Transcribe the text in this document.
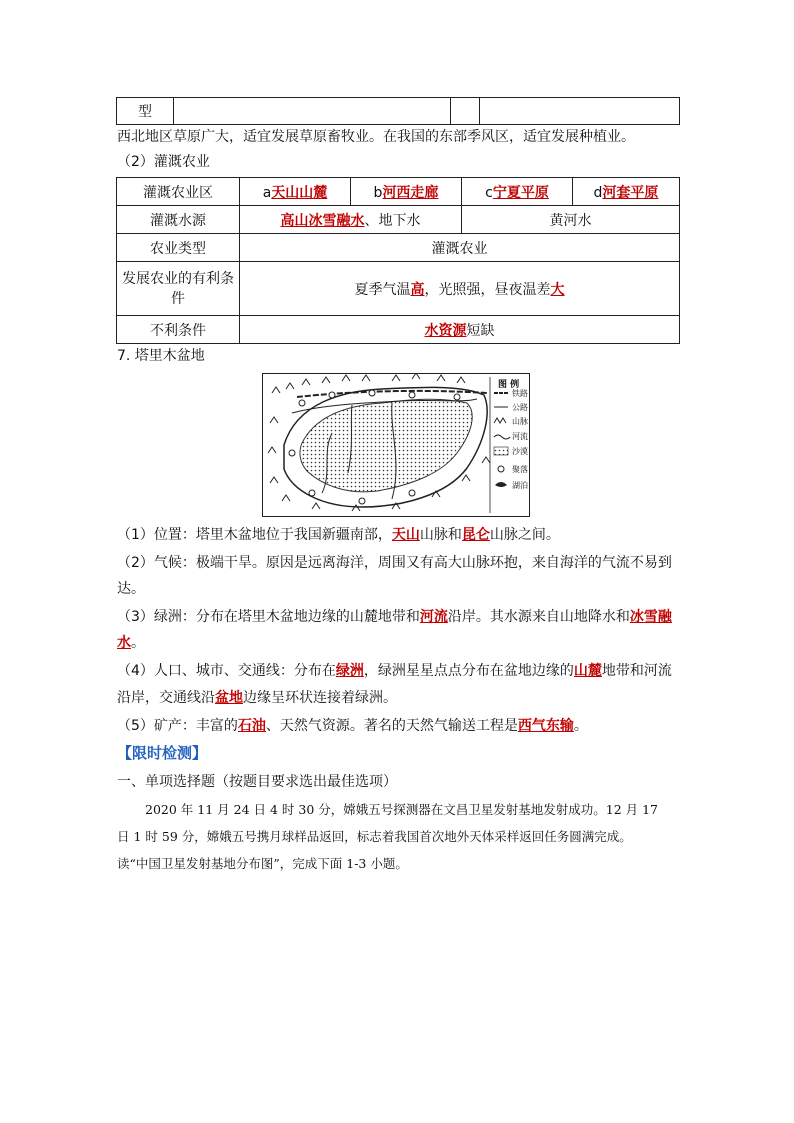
型			
西北地区草原广大，适宜发展草原畜牧业。在我国的东部季风区，适宜发展种植业。
（2）灌溉农业
灌溉农业区	a天山山麓	b河西走廊	c宁夏平原	d河套平原
灌溉水源	高山冰雪融水、地下水		黄河水	
农业类型	灌溉农业			
发展农业的有利条件	夏季气温高，光照强，昼夜温差大			
不利条件	水资源短缺			
7. 塔里木盆地
图 例
铁路
公路
山脉
河流
沙漠
聚落
湖泊
（1）位置：塔里木盆地位于我国新疆南部，天山山脉和昆仑山脉之间。
（2）气候：极端干旱。原因是远离海洋，周围又有高大山脉环抱，来自海洋的气流不易到
达。
（3）绿洲：分布在塔里木盆地边缘的山麓地带和河流沿岸。其水源来自山地降水和冰雪融
水。
（4）人口、城市、交通线：分布在绿洲，绿洲星星点点分布在盆地边缘的山麓地带和河流
沿岸，交通线沿盆地边缘呈环状连接着绿洲。
（5）矿产：丰富的石油、天然气资源。著名的天然气输送工程是西气东输。
【限时检测】
一、单项选择题（按题目要求选出最佳选项）
2020 年 11 月 24 日 4 时 30 分，嫦娥五号探测器在文昌卫星发射基地发射成功。12 月 17
日 1 时 59 分，嫦娥五号携月球样品返回，标志着我国首次地外天体采样返回任务圆满完成。
读“中国卫星发射基地分布图”，完成下面 1-3 小题。
